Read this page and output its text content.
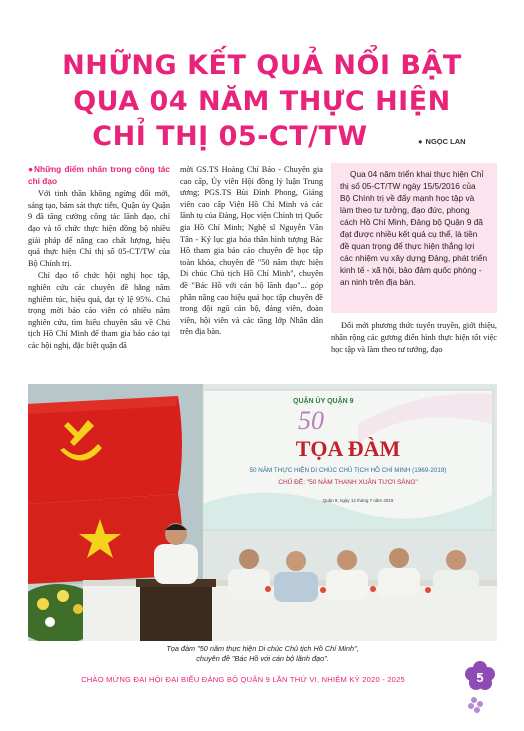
NHỮNG KẾT QUẢ NỔI BẬT
QUA 04 NĂM THỰC HIỆN
CHỈ THỊ 05-CT/TW	● NGỌC LAN
●Những điểm nhấn trong công tác chỉ đạo

Với tinh thần không ngừng đổi mới, sáng tạo, bám sát thực tiễn, Quận ủy Quận 9 đã tăng cường công tác lãnh đạo, chỉ đạo và tổ chức thực hiện đồng bộ nhiều giải pháp để nâng cao chất lượng, hiệu quả thực hiện Chỉ thị số 05-CT/TW của Bộ Chính trị.

Chỉ đạo tổ chức hội nghị học tập, nghiên cứu các chuyên đề hằng năm nghiêm túc, hiệu quả, đạt tỷ lệ 95%. Chú trọng mời báo cáo viên có nhiều năm nghiên cứu, tìm hiểu chuyên sâu về Chủ tịch Hồ Chí Minh để tham gia báo cáo tại các hội nghị, đặc biệt quận đã

mời GS.TS Hoàng Chí Bảo - Chuyên gia cao cấp, Ủy viên Hội đồng lý luận Trung ương; PGS.TS Bùi Đình Phong, Giảng viên cao cấp Viện Hồ Chí Minh và các lãnh tụ của Đảng, Học viện Chính trị Quốc gia Hồ Chí Minh; Nghệ sĩ Nguyễn Văn Tân - Kỷ lục gia hóa thân hình tượng Bác Hồ tham gia báo cáo chuyên đề học tập toàn khóa, chuyên đề "50 năm thực hiện Di chúc Chủ tịch Hồ Chí Minh", chuyên đề "Bác Hồ với cán bộ lãnh đạo"... góp phần nâng cao hiệu quả học tập chuyên đề trong đội ngũ cán bộ, đảng viên, đoàn viên, hội viên và các tầng lớp Nhân dân trên địa bàn.

Qua 04 năm triển khai thực hiện Chỉ thị số 05-CT/TW ngày 15/5/2016 của Bộ Chính trị về đẩy mạnh học tập và làm theo tư tưởng, đạo đức, phong cách Hồ Chí Minh, Đảng bộ Quận 9 đã đạt được nhiều kết quả cụ thể, là tiền đề quan trọng để thực hiện thắng lợi các nhiệm vụ xây dựng Đảng, phát triển kinh tế - xã hội, bảo đảm quốc phòng - an ninh trên địa bàn.

Đổi mới phương thức tuyên truyền, giới thiệu, nhân rộng các gương điển hình thực hiện tốt việc học tập và làm theo tư tưởng, đạo

QUẬN ỦY QUẬN 9
50
TỌA ĐÀM
50 NĂM THỰC HIỆN DI CHÚC CHỦ TỊCH HỒ CHÍ MINH (1969-2019)
CHỦ ĐỀ: "50 NĂM THANH XUÂN TƯƠI SÁNG"
Quận 9, ngày 12 tháng 7 năm 2019
Tọa đàm "50 năm thực hiện Di chúc Chủ tịch Hồ Chí Minh",
chuyên đề "Bác Hồ với cán bộ lãnh đạo".
CHÀO MỪNG ĐẠI HỘI ĐẠI BIỂU ĐẢNG BỘ QUẬN 9 LẦN THỨ VI, NHIỆM KỲ 2020 - 2025	5
